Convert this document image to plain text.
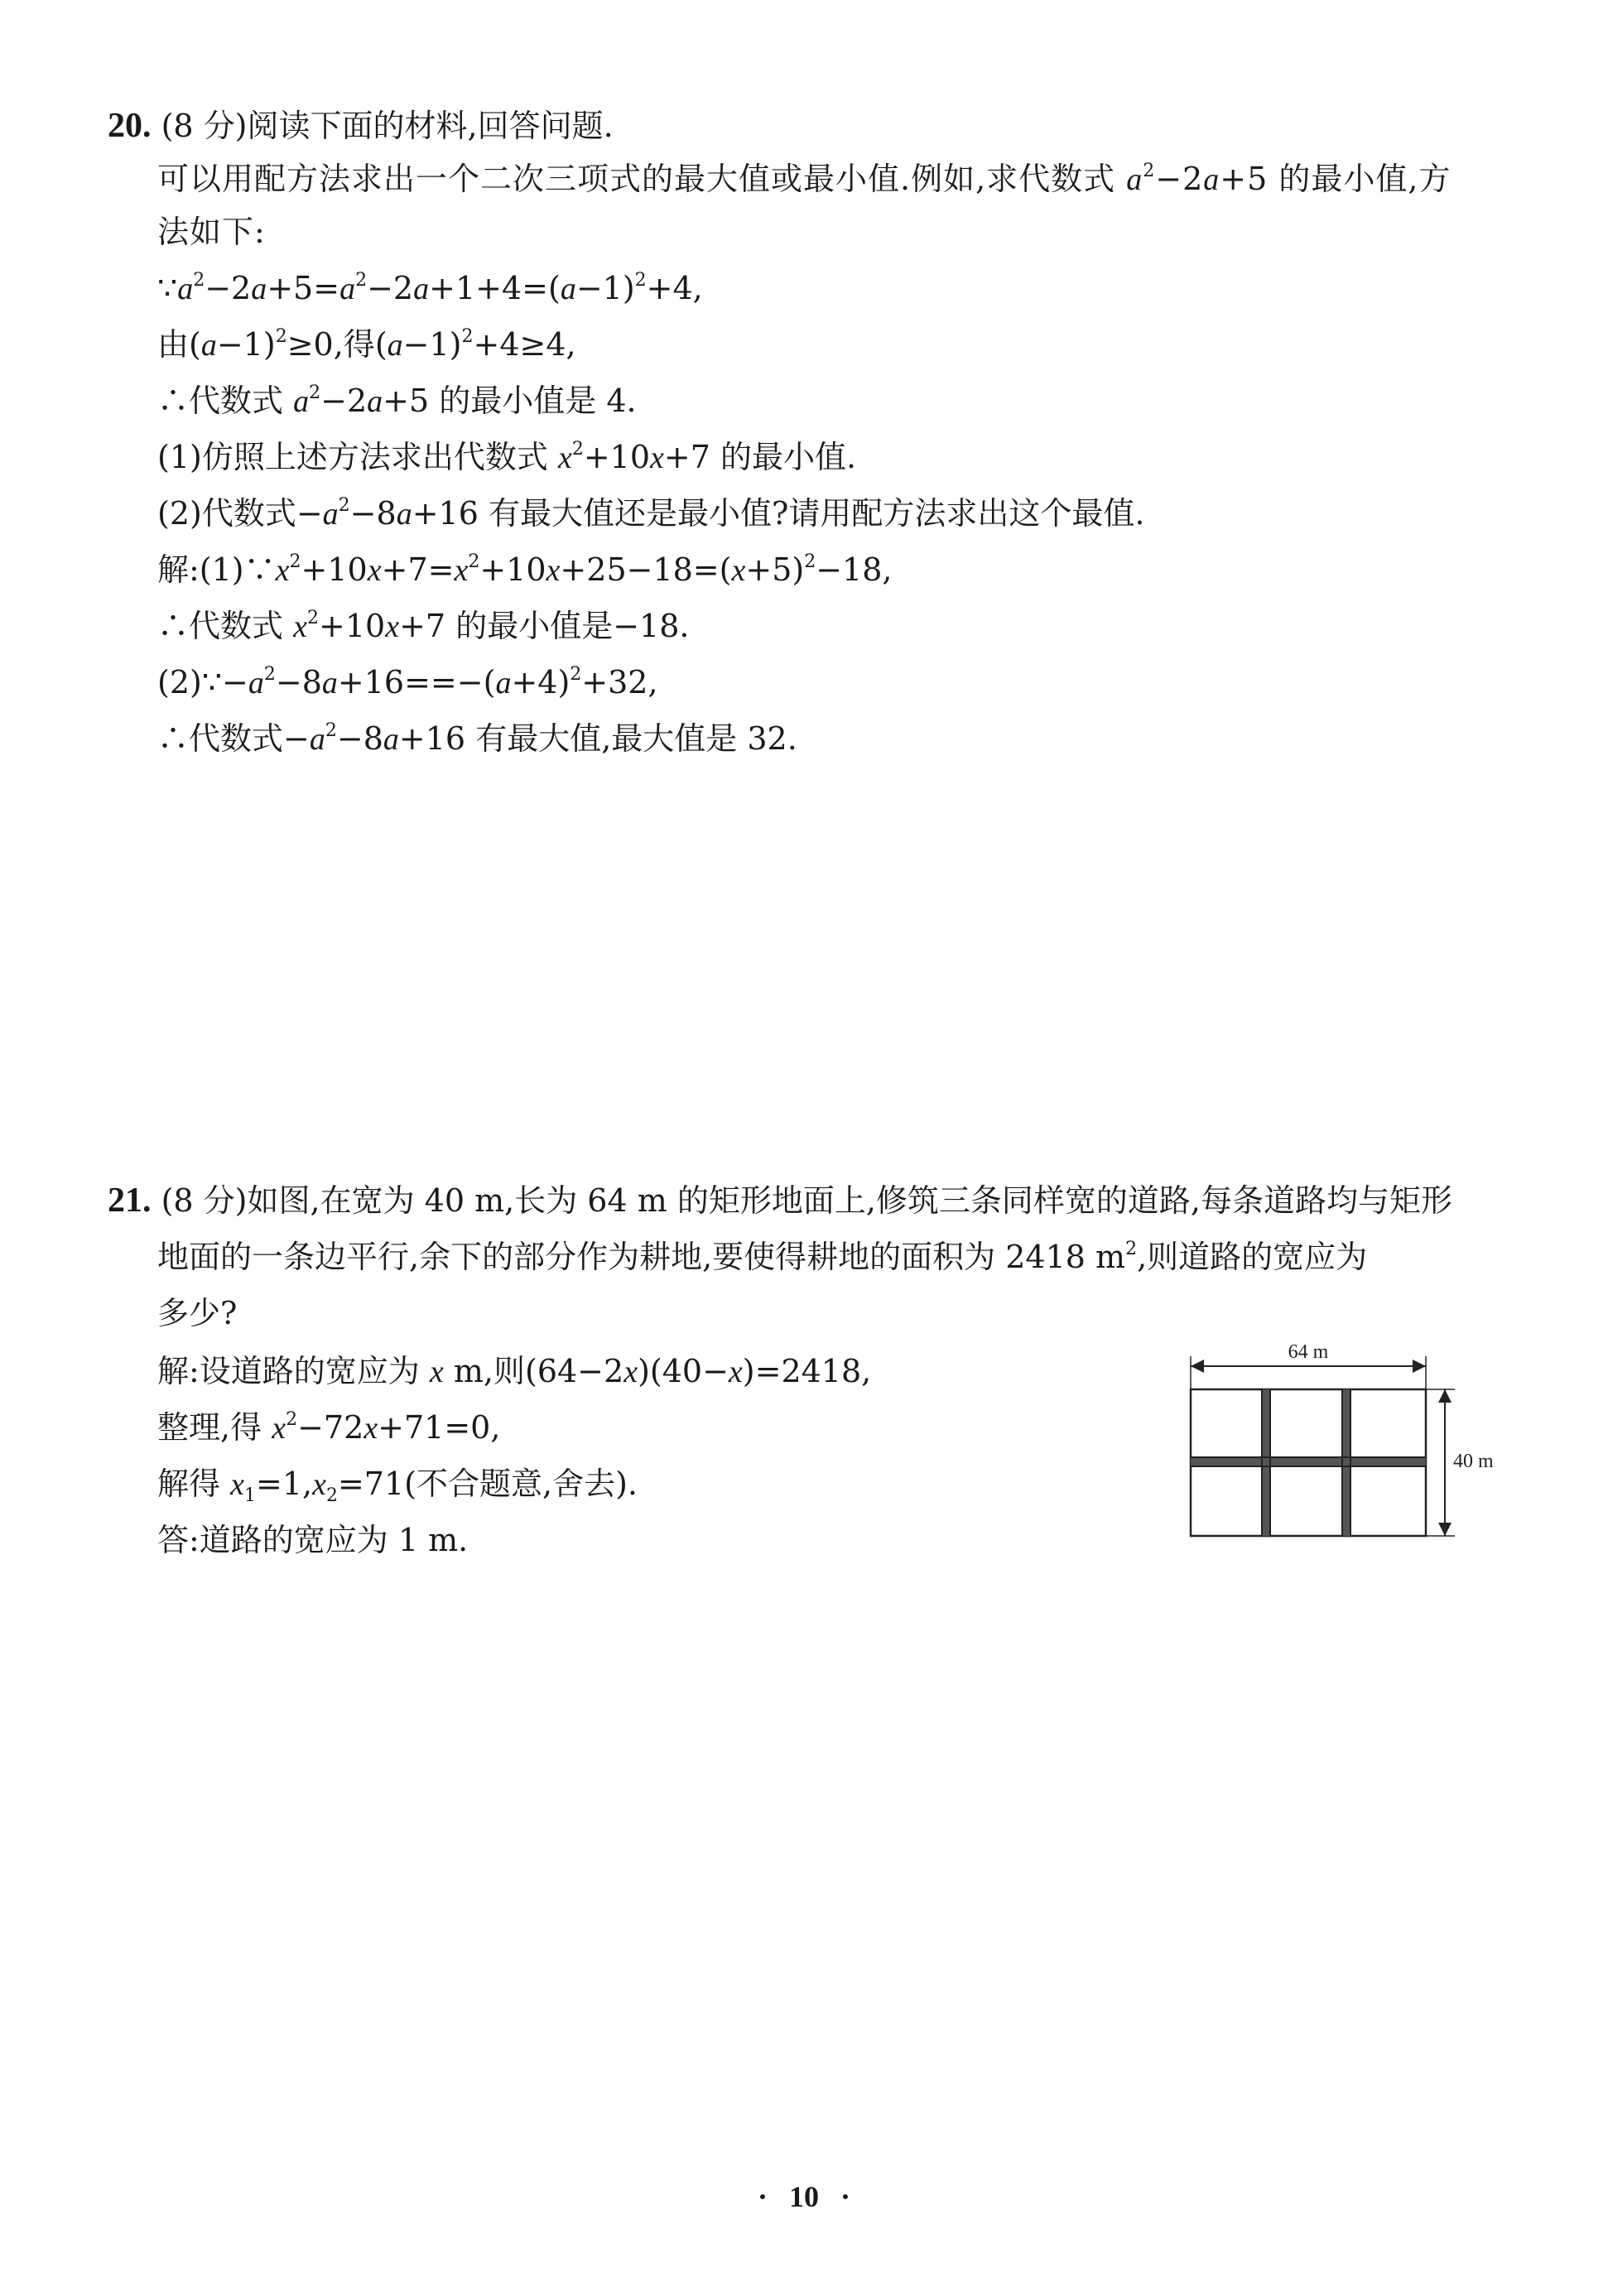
20. (8 分)阅读下面的材料,回答问题.
可以用配方法求出一个二次三项式的最大值或最小值.例如,求代数式 $a^2-2a+5$ 的最小值,方
法如下:
$\because a^2-2a+5=a^2-2a+1+4=(a-1)^2+4$,
由$(a-1)^2\ge 0$,得$(a-1)^2+4\ge 4$,
∴代数式 $a^2-2a+5$ 的最小值是 4.
(1)仿照上述方法求出代数式 $x^2+10x+7$ 的最小值.
(2)代数式$-a^2-8a+16$ 有最大值还是最小值?请用配方法求出这个最值.
解$:(1)\because x^2+10x+7=x^2+10x+25-18=(x+5)^2-18$,
∴代数式 $x^2+10x+7$ 的最小值是−18.
$(2)\because-a^2-8a+16==-(a+4)^2+32$,
∴代数式$-a^2-8a+16$ 有最大值,最大值是 32.
21. (8 分)如图,在宽为 40 m,长为 64 m 的矩形地面上,修筑三条同样宽的道路,每条道路均与矩形
地面的一条边平行,余下的部分作为耕地,要使得耕地的面积为 2418 $m^2$,则道路的宽应为
多少?
解:设道路的宽应为 x m,则(64−2x)(40−x)=2418,
整理,得 $x^2-72x+71=0$,
解得 $x_1=1,x_2=71$(不合题意,舍去).
答:道路的宽应为 1 m.
64 m
40 m
· 10 ·
